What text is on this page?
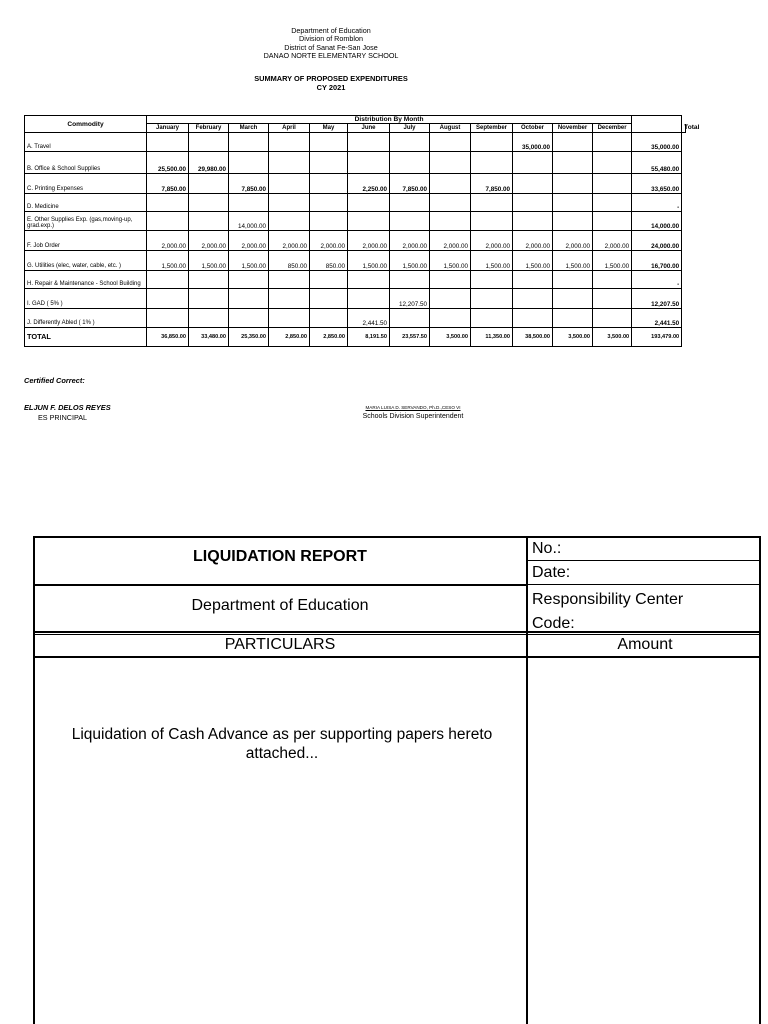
Department of Education
Division of Romblon
District of Sanat Fe-San Jose
DANAO NORTE ELEMENTARY SCHOOL
SUMMARY OF PROPOSED EXPENDITURES
CY 2021
Commodity	Distribution By Month													
	January	February	March	April	May	June	July	August	September	October	November	December		Total
A. Travel										35,000.00			35,000.00	
B. Office & School Supplies	25,500.00	29,980.00											55,480.00	
C. Printing Expenses	7,850.00		7,850.00			2,250.00	7,850.00		7,850.00				33,650.00	
D. Medicine													-	
E. Other Supplies Exp. (gas,moving-up, grad.exp.)			14,000.00										14,000.00	
F. Job Order	2,000.00	2,000.00	2,000.00	2,000.00	2,000.00	2,000.00	2,000.00	2,000.00	2,000.00	2,000.00	2,000.00	2,000.00	24,000.00	
G. Utilities (elec, water, cable, etc. )	1,500.00	1,500.00	1,500.00	850.00	850.00	1,500.00	1,500.00	1,500.00	1,500.00	1,500.00	1,500.00	1,500.00	16,700.00	
H. Repair & Maintenance - School Building													-	
I. GAD ( 5% )							12,207.50						12,207.50	
J. Differently Abled ( 1% )						2,441.50							2,441.50	
TOTAL	36,850.00	33,480.00	25,350.00	2,850.00	2,850.00	8,191.50	23,557.50	3,500.00	11,350.00	38,500.00	3,500.00	3,500.00	193,479.00	
Certified Correct:
ELJUN F. DELOS REYES
ES PRINCIPAL
MARIA LUISA D. SERVANDO, Ph.D.,CESO VI
Schools Division Superintendent
LIQUIDATION REPORT	No.:
Date:
Department of Education	Responsibility Center
Code:
PARTICULARS	Amount
Liquidation of Cash Advance as per supporting papers hereto attached...
